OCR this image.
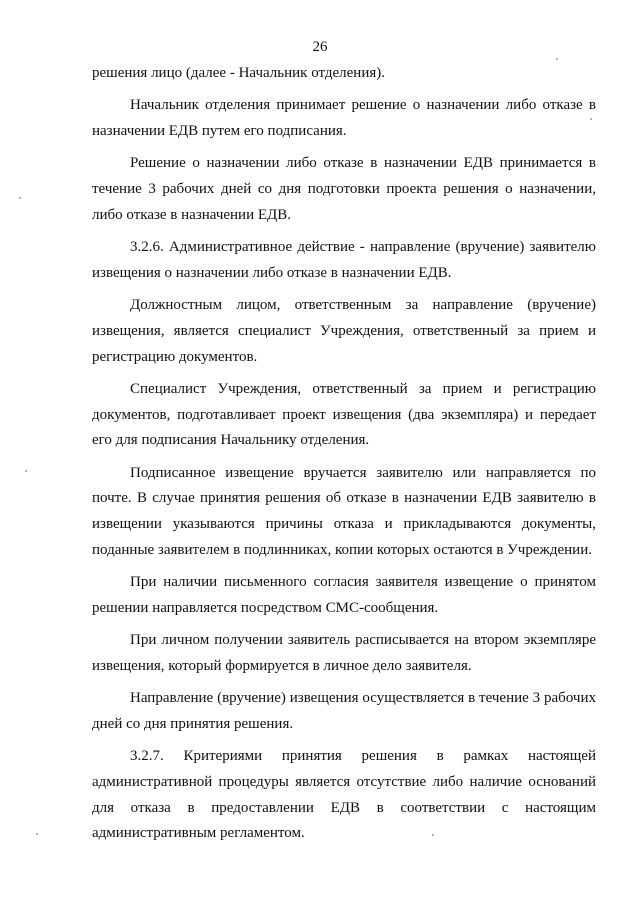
26

решения лицо (далее - Начальник отделения).

Начальник отделения принимает решение о назначении либо отказе в назначении ЕДВ путем его подписания.

Решение о назначении либо отказе в назначении ЕДВ принимается в течение 3 рабочих дней со дня подготовки проекта решения о назначении, либо отказе в назначении ЕДВ.

3.2.6. Административное действие - направление (вручение) заявителю извещения о назначении либо отказе в назначении ЕДВ.

Должностным лицом, ответственным за направление (вручение) извещения, является специалист Учреждения, ответственный за прием и регистрацию документов.

Специалист Учреждения, ответственный за прием и регистрацию документов, подготавливает проект извещения (два экземпляра) и передает его для подписания Начальнику отделения.

Подписанное извещение вручается заявителю или направляется по почте. В случае принятия решения об отказе в назначении ЕДВ заявителю в извещении указываются причины отказа и прикладываются документы, поданные заявителем в подлинниках, копии которых остаются в Учреждении.

При наличии письменного согласия заявителя извещение о принятом решении направляется посредством СМС-сообщения.

При личном получении заявитель расписывается на втором экземпляре извещения, который формируется в личное дело заявителя.

Направление (вручение) извещения осуществляется в течение 3 рабочих дней со дня принятия решения.

3.2.7. Критериями принятия решения в рамках настоящей административной процедуры является отсутствие либо наличие оснований для отказа в предоставлении ЕДВ в соответствии с настоящим административным регламентом.
